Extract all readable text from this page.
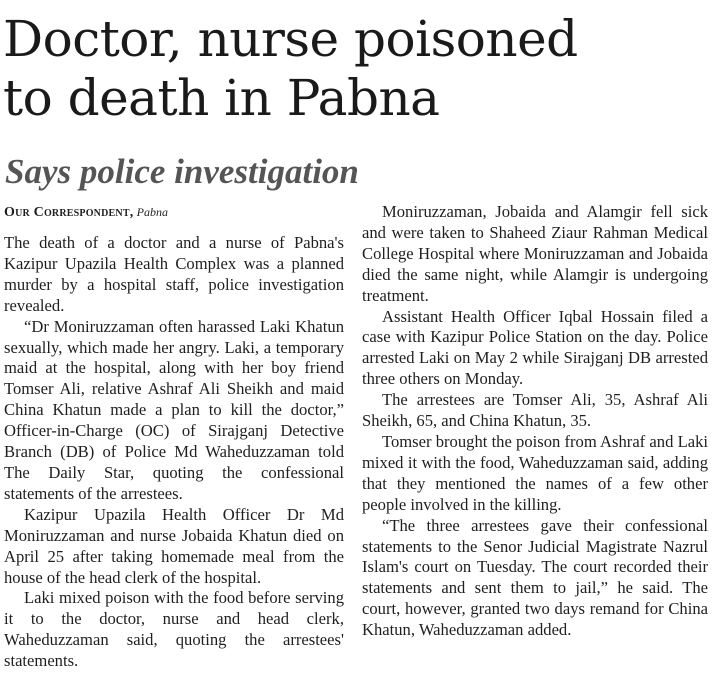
Doctor, nurse poisoned
to death in Pabna
Says police investigation
Our Correspondent, Pabna

The death of a doctor and a nurse of Pabna's Kazipur Upazila Health Complex was a planned murder by a hospital staff, police investigation revealed.

“Dr Moniruzzaman often harassed Laki Khatun sexually, which made her angry. Laki, a temporary maid at the hospital, along with her boy friend Tomser Ali, relative Ashraf Ali Sheikh and maid China Khatun made a plan to kill the doctor,” Officer-in-Charge (OC) of Sirajganj Detective Branch (DB) of Police Md Waheduzzaman told The Daily Star, quoting the confessional statements of the arrestees.

Kazipur Upazila Health Officer Dr Md Moniruzzaman and nurse Jobaida Khatun died on April 25 after taking homemade meal from the house of the head clerk of the hospital.

Laki mixed poison with the food before serving it to the doctor, nurse and head clerk, Waheduzzaman said, quoting the arrestees' statements.

Moniruzzaman, Jobaida and Alamgir fell sick and were taken to Shaheed Ziaur Rahman Medical College Hospital where Moniruzzaman and Jobaida died the same night, while Alamgir is undergoing treatment.

Assistant Health Officer Iqbal Hossain filed a case with Kazipur Police Station on the day. Police arrested Laki on May 2 while Sirajganj DB arrested three others on Monday.

The arrestees are Tomser Ali, 35, Ashraf Ali Sheikh, 65, and China Khatun, 35.

Tomser brought the poison from Ashraf and Laki mixed it with the food, Waheduzzaman said, adding that they mentioned the names of a few other people involved in the killing.

“The three arrestees gave their confessional statements to the Senor Judicial Magistrate Nazrul Islam's court on Tuesday. The court recorded their statements and sent them to jail,” he said. The court, however, granted two days remand for China Khatun, Waheduzzaman added.
